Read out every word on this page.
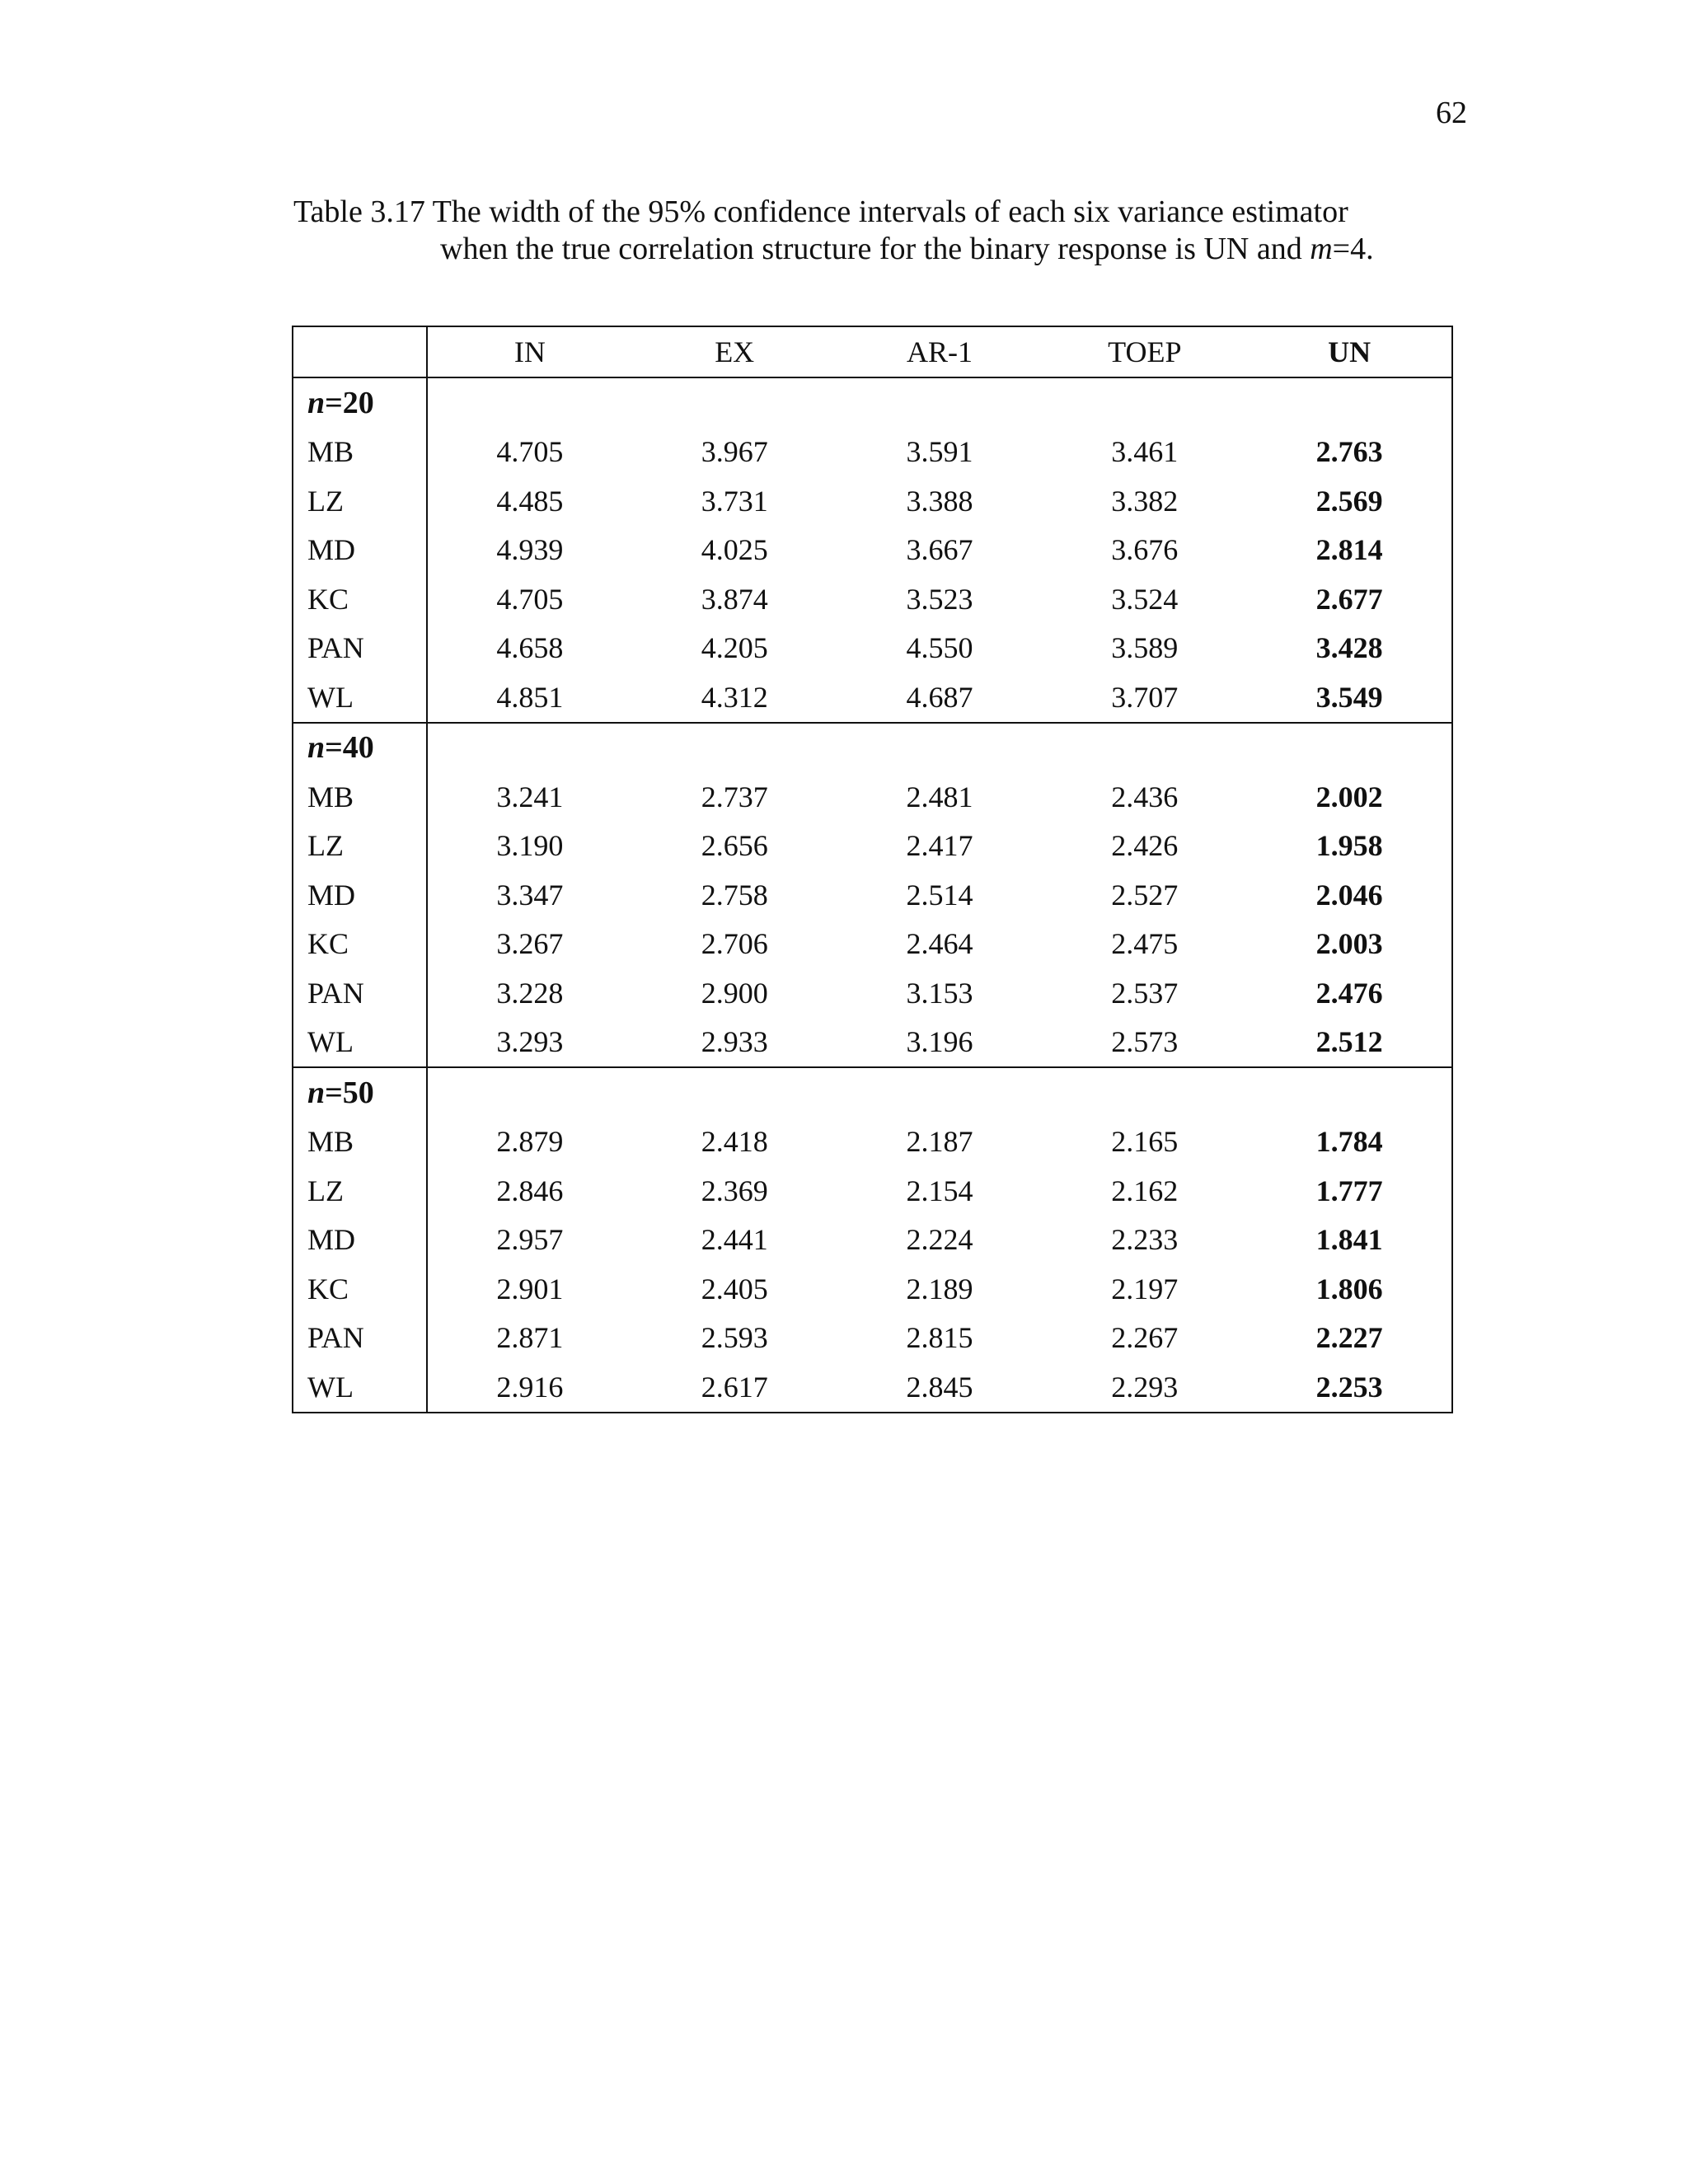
62
Table 3.17 The width of the 95% confidence intervals of each six variance estimator
when the true correlation structure for the binary response is UN and m=4.
	IN	EX	AR-1	TOEP	UN
n=20					
MB	4.705	3.967	3.591	3.461	2.763
LZ	4.485	3.731	3.388	3.382	2.569
MD	4.939	4.025	3.667	3.676	2.814
KC	4.705	3.874	3.523	3.524	2.677
PAN	4.658	4.205	4.550	3.589	3.428
WL	4.851	4.312	4.687	3.707	3.549
n=40					
MB	3.241	2.737	2.481	2.436	2.002
LZ	3.190	2.656	2.417	2.426	1.958
MD	3.347	2.758	2.514	2.527	2.046
KC	3.267	2.706	2.464	2.475	2.003
PAN	3.228	2.900	3.153	2.537	2.476
WL	3.293	2.933	3.196	2.573	2.512
n=50					
MB	2.879	2.418	2.187	2.165	1.784
LZ	2.846	2.369	2.154	2.162	1.777
MD	2.957	2.441	2.224	2.233	1.841
KC	2.901	2.405	2.189	2.197	1.806
PAN	2.871	2.593	2.815	2.267	2.227
WL	2.916	2.617	2.845	2.293	2.253
